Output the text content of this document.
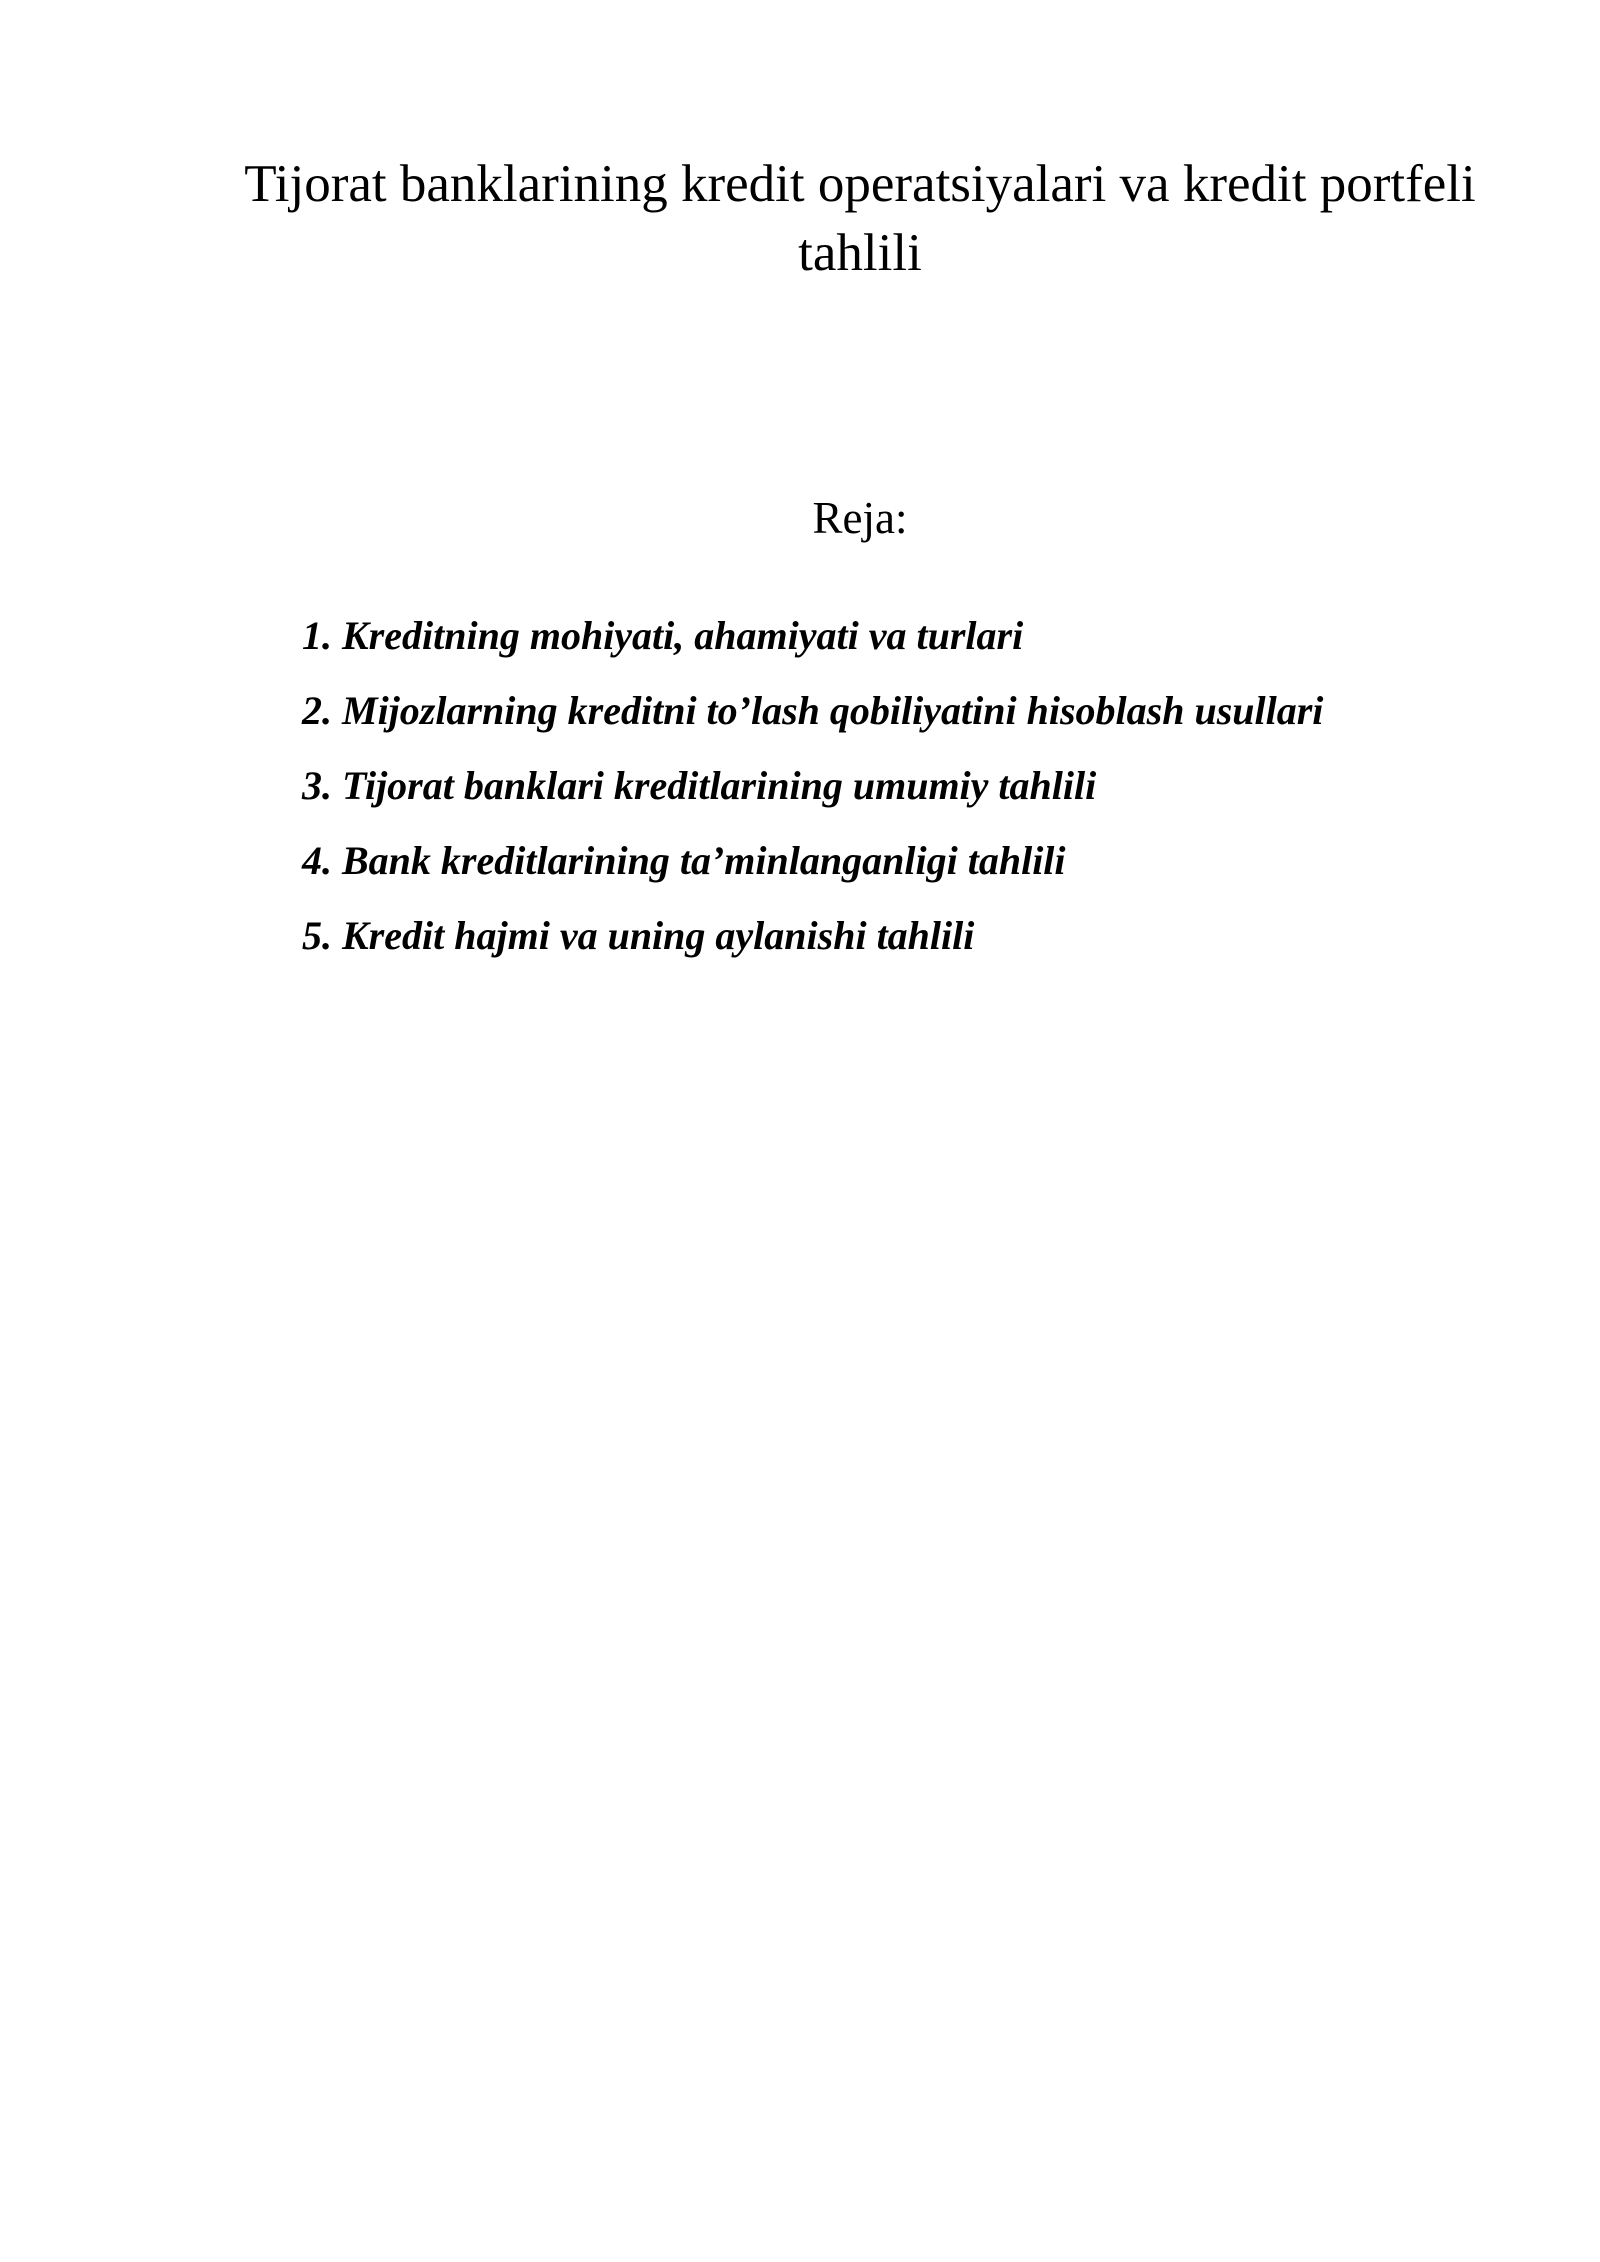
Tijorat banklarining kredit operatsiyalari va kredit portfeli tahlili

Reja:

1. Kreditning mohiyati, ahamiyati va turlari
2. Mijozlarning kreditni to’lash qobiliyatini hisoblash usullari
3. Tijorat banklari kreditlarining umumiy tahlili
4. Bank kreditlarining ta’minlanganligi tahlili
5. Kredit hajmi va uning aylanishi tahlili
